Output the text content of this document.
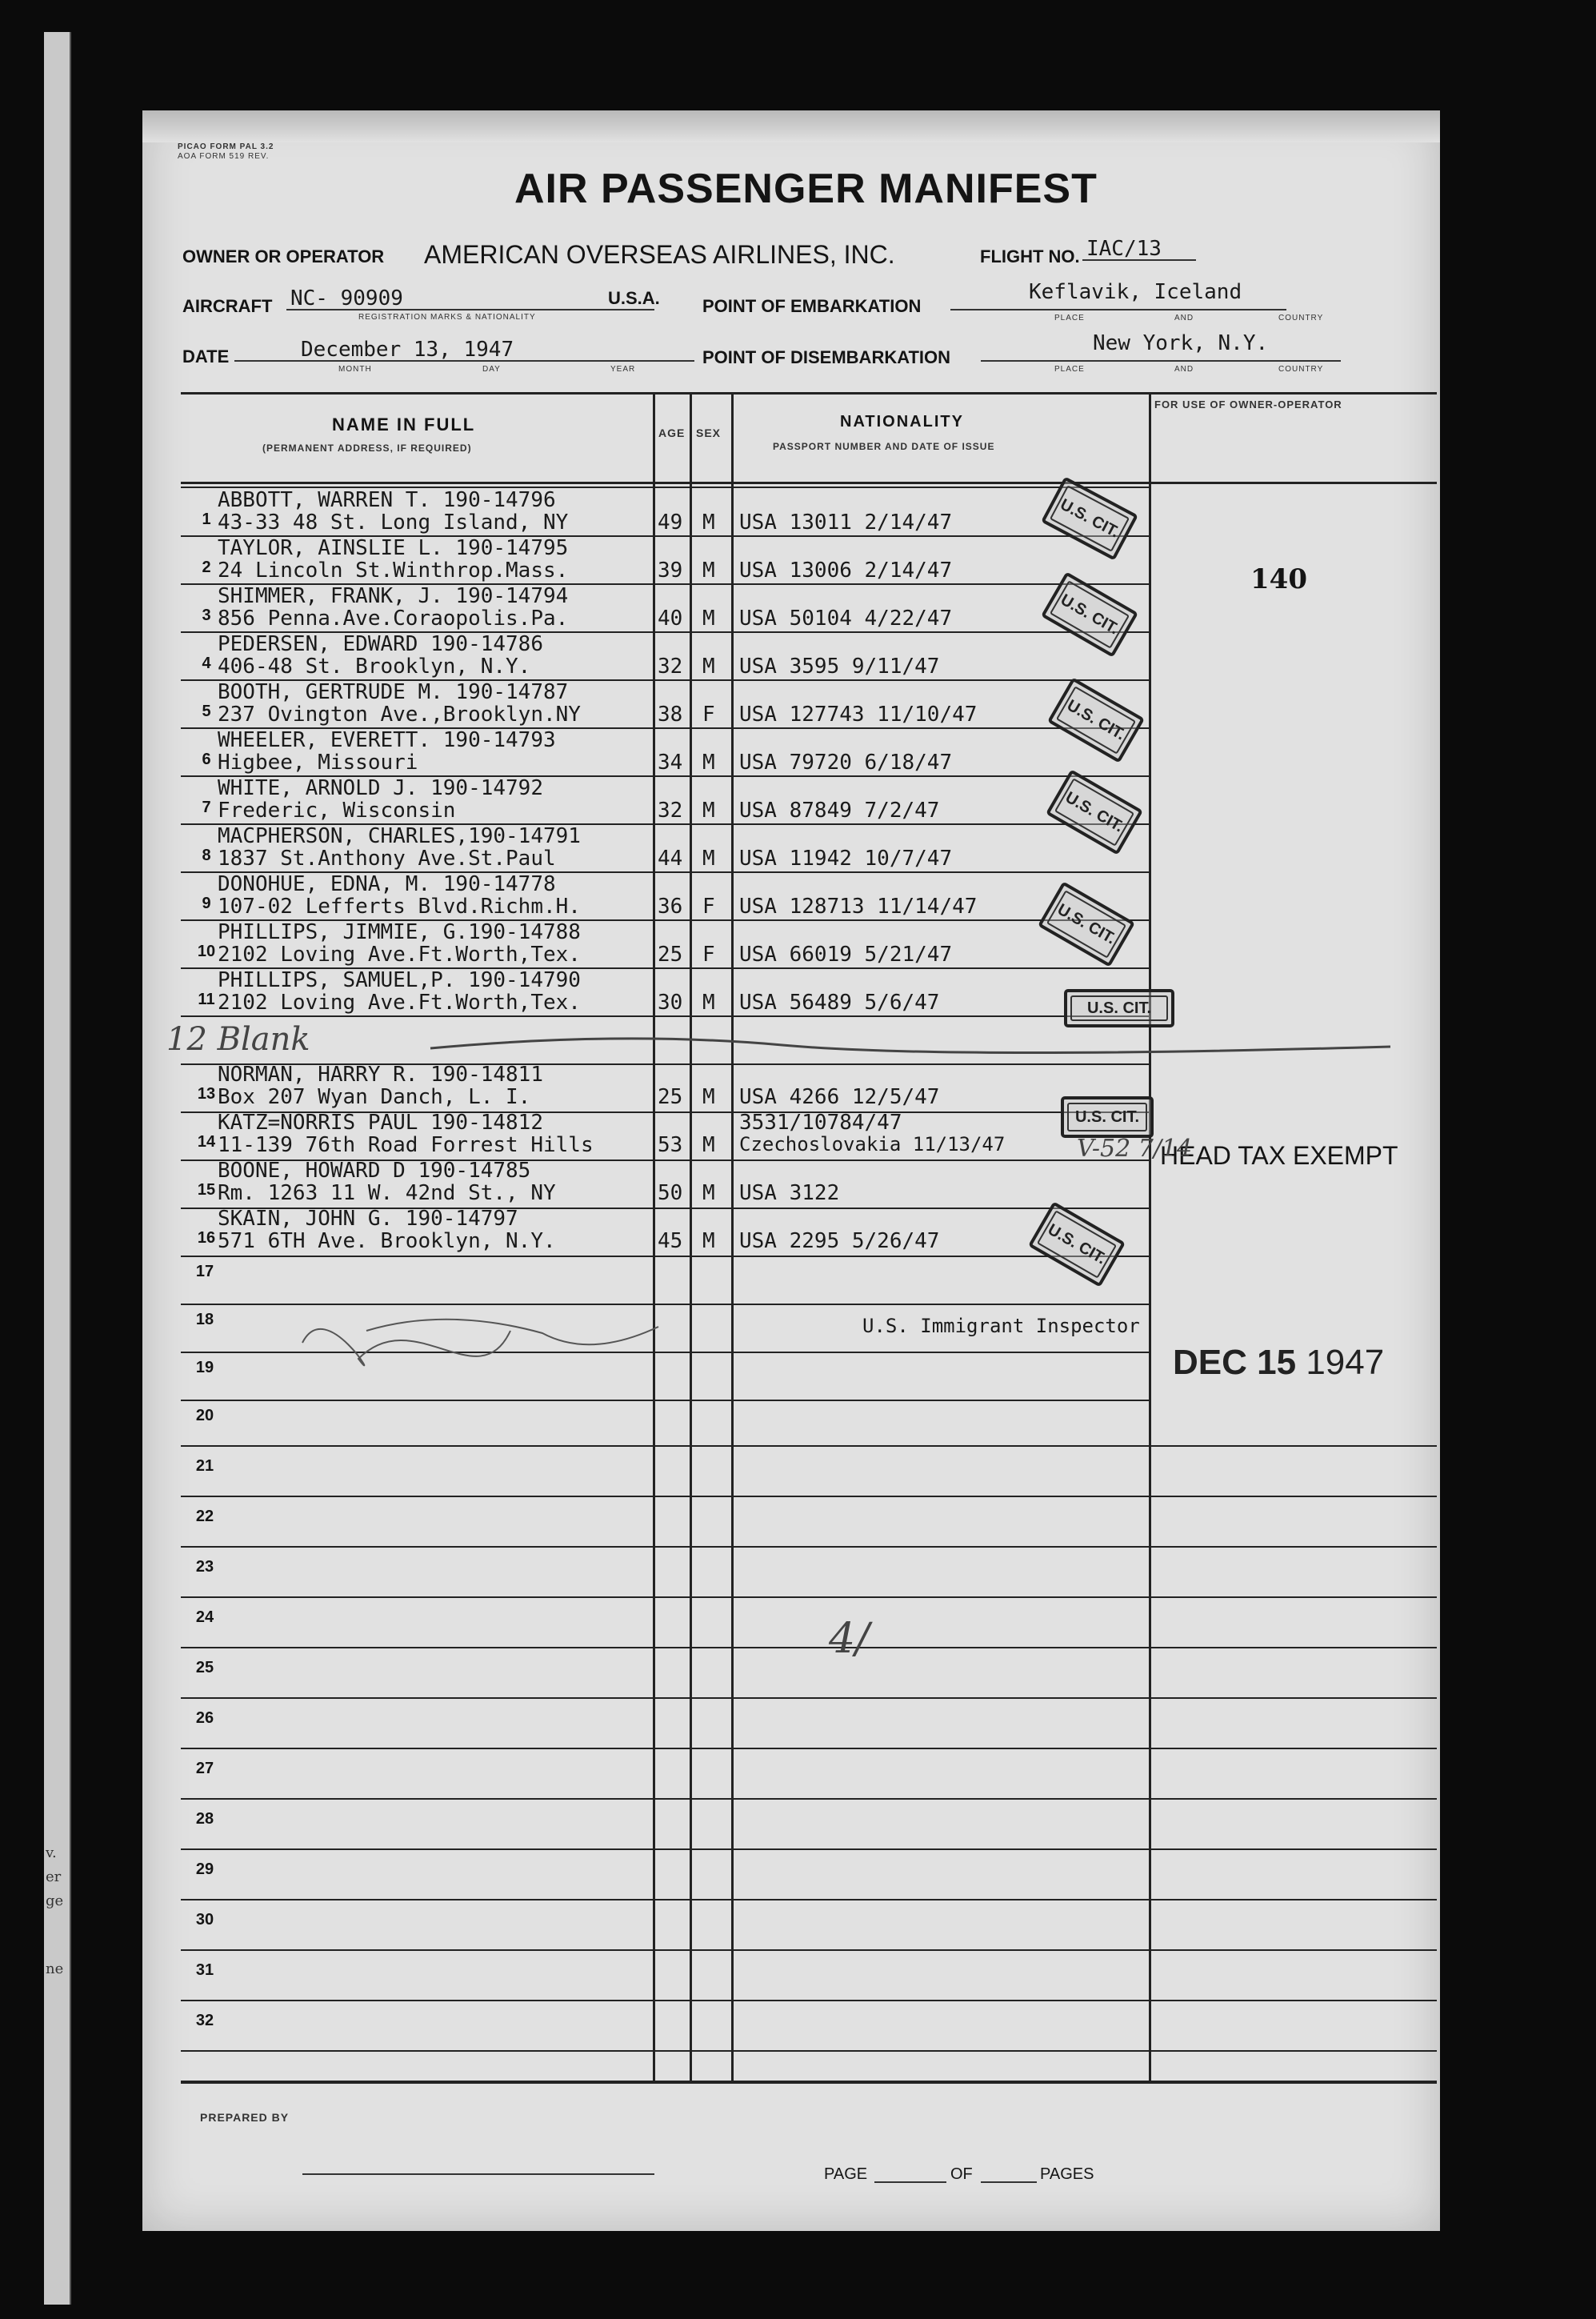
v.
er
ge
ne
PICAO FORM PAL 3.2
AOA FORM 519 REV.
AIR PASSENGER MANIFEST
OWNER OR OPERATOR AMERICAN OVERSEAS AIRLINES, INC.	FLIGHT NO. IAC/13
AIRCRAFT NC- 90909
REGISTRATION MARKS & NATIONALITY
U.S.A. POINT OF EMBARKATION
Keflavik, Iceland
PLACE	AND	COUNTRY
DATE	December 13, 1947
MONTH	DAY	YEAR
POINT OF DISEMBARKATION
New York, N.Y.
PLACE	AND	COUNTRY
NAME IN FULL
(PERMANENT ADDRESS, IF REQUIRED)
AGE SEX
NATIONALITY
PASSPORT NUMBER AND DATE OF ISSUE
FOR USE OF OWNER-OPERATOR
1
ABBOTT, WARREN T. 190-14796
43-33 48 St. Long Island, NY	49 M USA 13011 2/14/47
2
TAYLOR, AINSLIE L. 190-14795
24 Lincoln St.Winthrop.Mass.	39 M USA 13006 2/14/47
3
SHIMMER, FRANK, J. 190-14794
856 Penna.Ave.Coraopolis.Pa.	40 M USA 50104 4/22/47
4
PEDERSEN, EDWARD 190-14786
406-48 St. Brooklyn, N.Y.	32 M USA 3595 9/11/47
5
BOOTH, GERTRUDE M. 190-14787
237 Ovington Ave.,Brooklyn.NY	38 F USA 127743 11/10/47
6
WHEELER, EVERETT. 190-14793
Higbee, Missouri	34 M USA 79720 6/18/47
7
WHITE, ARNOLD J. 190-14792
Frederic, Wisconsin	32 M USA 87849 7/2/47
8
MACPHERSON, CHARLES,190-14791
1837 St.Anthony Ave.St.Paul	44 M USA 11942 10/7/47
9
DONOHUE, EDNA, M. 190-14778
107-02 Lefferts Blvd.Richm.H.	36 F USA 128713 11/14/47
10
PHILLIPS, JIMMIE, G.190-14788
2102 Loving Ave.Ft.Worth,Tex.	25 F USA 66019 5/21/47
11
PHILLIPS, SAMUEL,P. 190-14790
2102 Loving Ave.Ft.Worth,Tex.	30 M USA 56489 5/6/47
12 Blank
13
NORMAN, HARRY R. 190-14811
Box 207 Wyan Danch, L. I.	25 M USA 4266 12/5/47
14
KATZ=NORRIS PAUL 190-14812
11-139 76th Road Forrest Hills	53 M
3531/10784/47
Czechoslovakia 11/13/47
15
BOONE, HOWARD D 190-14785
Rm. 1263 11 W. 42nd St., NY	50 M USA 3122
16
SKAIN, JOHN G. 190-14797
571 6TH Ave. Brooklyn, N.Y.	45 M USA 2295 5/26/47
17
18
19
20
21
22
23
24
25
26
27
28
29
30
31
32
U.S. CIT.
U.S. CIT.
U.S. CIT.
U.S. CIT.
U.S. CIT.
U.S. CIT.
U.S. CIT.
U.S. CIT.
140
HEAD TAX EXEMPT
V-52 7/14
U.S. Immigrant Inspector
DEC 15 1947
4/
PREPARED BY
PAGE	OF	PAGES
